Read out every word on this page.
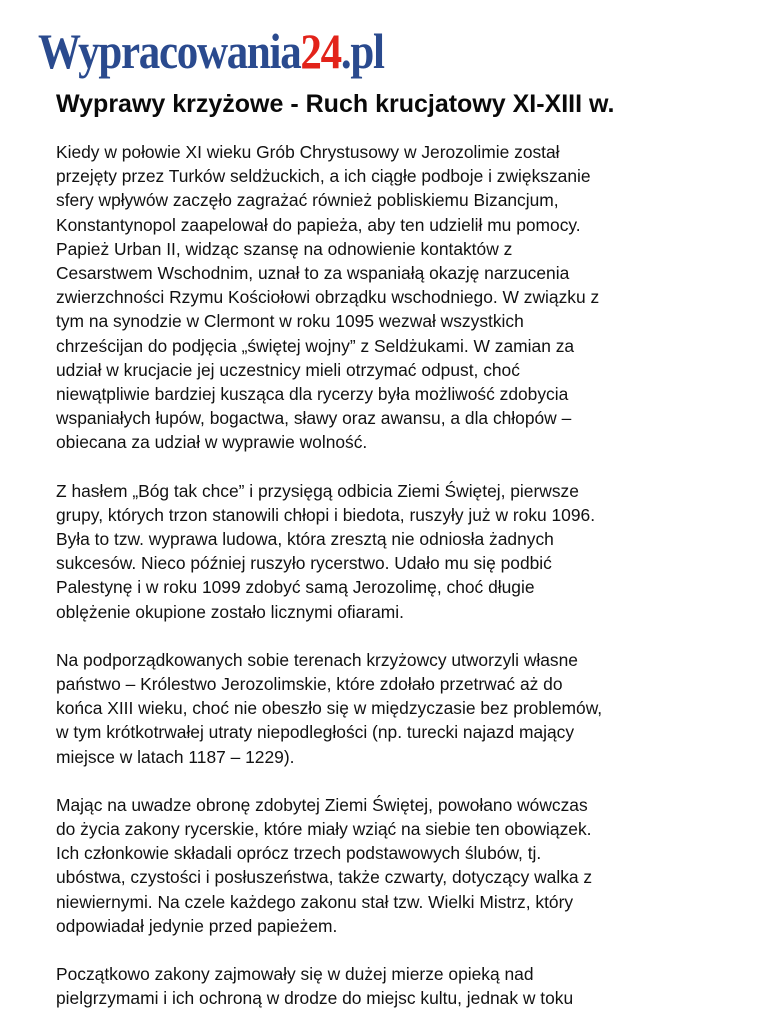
Wypracowania 24 .pl
Wyprawy krzyżowe - Ruch krucjatowy XI-XIII w.

Kiedy w połowie XI wieku Grób Chrystusowy w Jerozolimie został
przejęty przez Turków seldżuckich, a ich ciągłe podboje i zwiększanie
sfery wpływów zaczęło zagrażać również pobliskiemu Bizancjum,
Konstantynopol zaapelował do papieża, aby ten udzielił mu pomocy.
Papież Urban II, widząc szansę na odnowienie kontaktów z
Cesarstwem Wschodnim, uznał to za wspaniałą okazję narzucenia
zwierzchności Rzymu Kościołowi obrządku wschodniego. W związku z
tym na synodzie w Clermont w roku 1095 wezwał wszystkich
chrześcijan do podjęcia „świętej wojny” z Seldżukami. W zamian za
udział w krucjacie jej uczestnicy mieli otrzymać odpust, choć
niewątpliwie bardziej kusząca dla rycerzy była możliwość zdobycia
wspaniałych łupów, bogactwa, sławy oraz awansu, a dla chłopów –
obiecana za udział w wyprawie wolność.

Z hasłem „Bóg tak chce” i przysięgą odbicia Ziemi Świętej, pierwsze
grupy, których trzon stanowili chłopi i biedota, ruszyły już w roku 1096.
Była to tzw. wyprawa ludowa, która zresztą nie odniosła żadnych
sukcesów. Nieco później ruszyło rycerstwo. Udało mu się podbić
Palestynę i w roku 1099 zdobyć samą Jerozolimę, choć długie
oblężenie okupione zostało licznymi ofiarami.

Na podporządkowanych sobie terenach krzyżowcy utworzyli własne
państwo – Królestwo Jerozolimskie, które zdołało przetrwać aż do
końca XIII wieku, choć nie obeszło się w międzyczasie bez problemów,
w tym krótkotrwałej utraty niepodległości (np. turecki najazd mający
miejsce w latach 1187 – 1229).

Mając na uwadze obronę zdobytej Ziemi Świętej, powołano wówczas
do życia zakony rycerskie, które miały wziąć na siebie ten obowiązek.
Ich członkowie składali oprócz trzech podstawowych ślubów, tj.
ubóstwa, czystości i posłuszeństwa, także czwarty, dotyczący walka z
niewiernymi. Na czele każdego zakonu stał tzw. Wielki Mistrz, który
odpowiadał jedynie przed papieżem.

Początkowo zakony zajmowały się w dużej mierze opieką nad
pielgrzymami i ich ochroną w drodze do miejsc kultu, jednak w toku
